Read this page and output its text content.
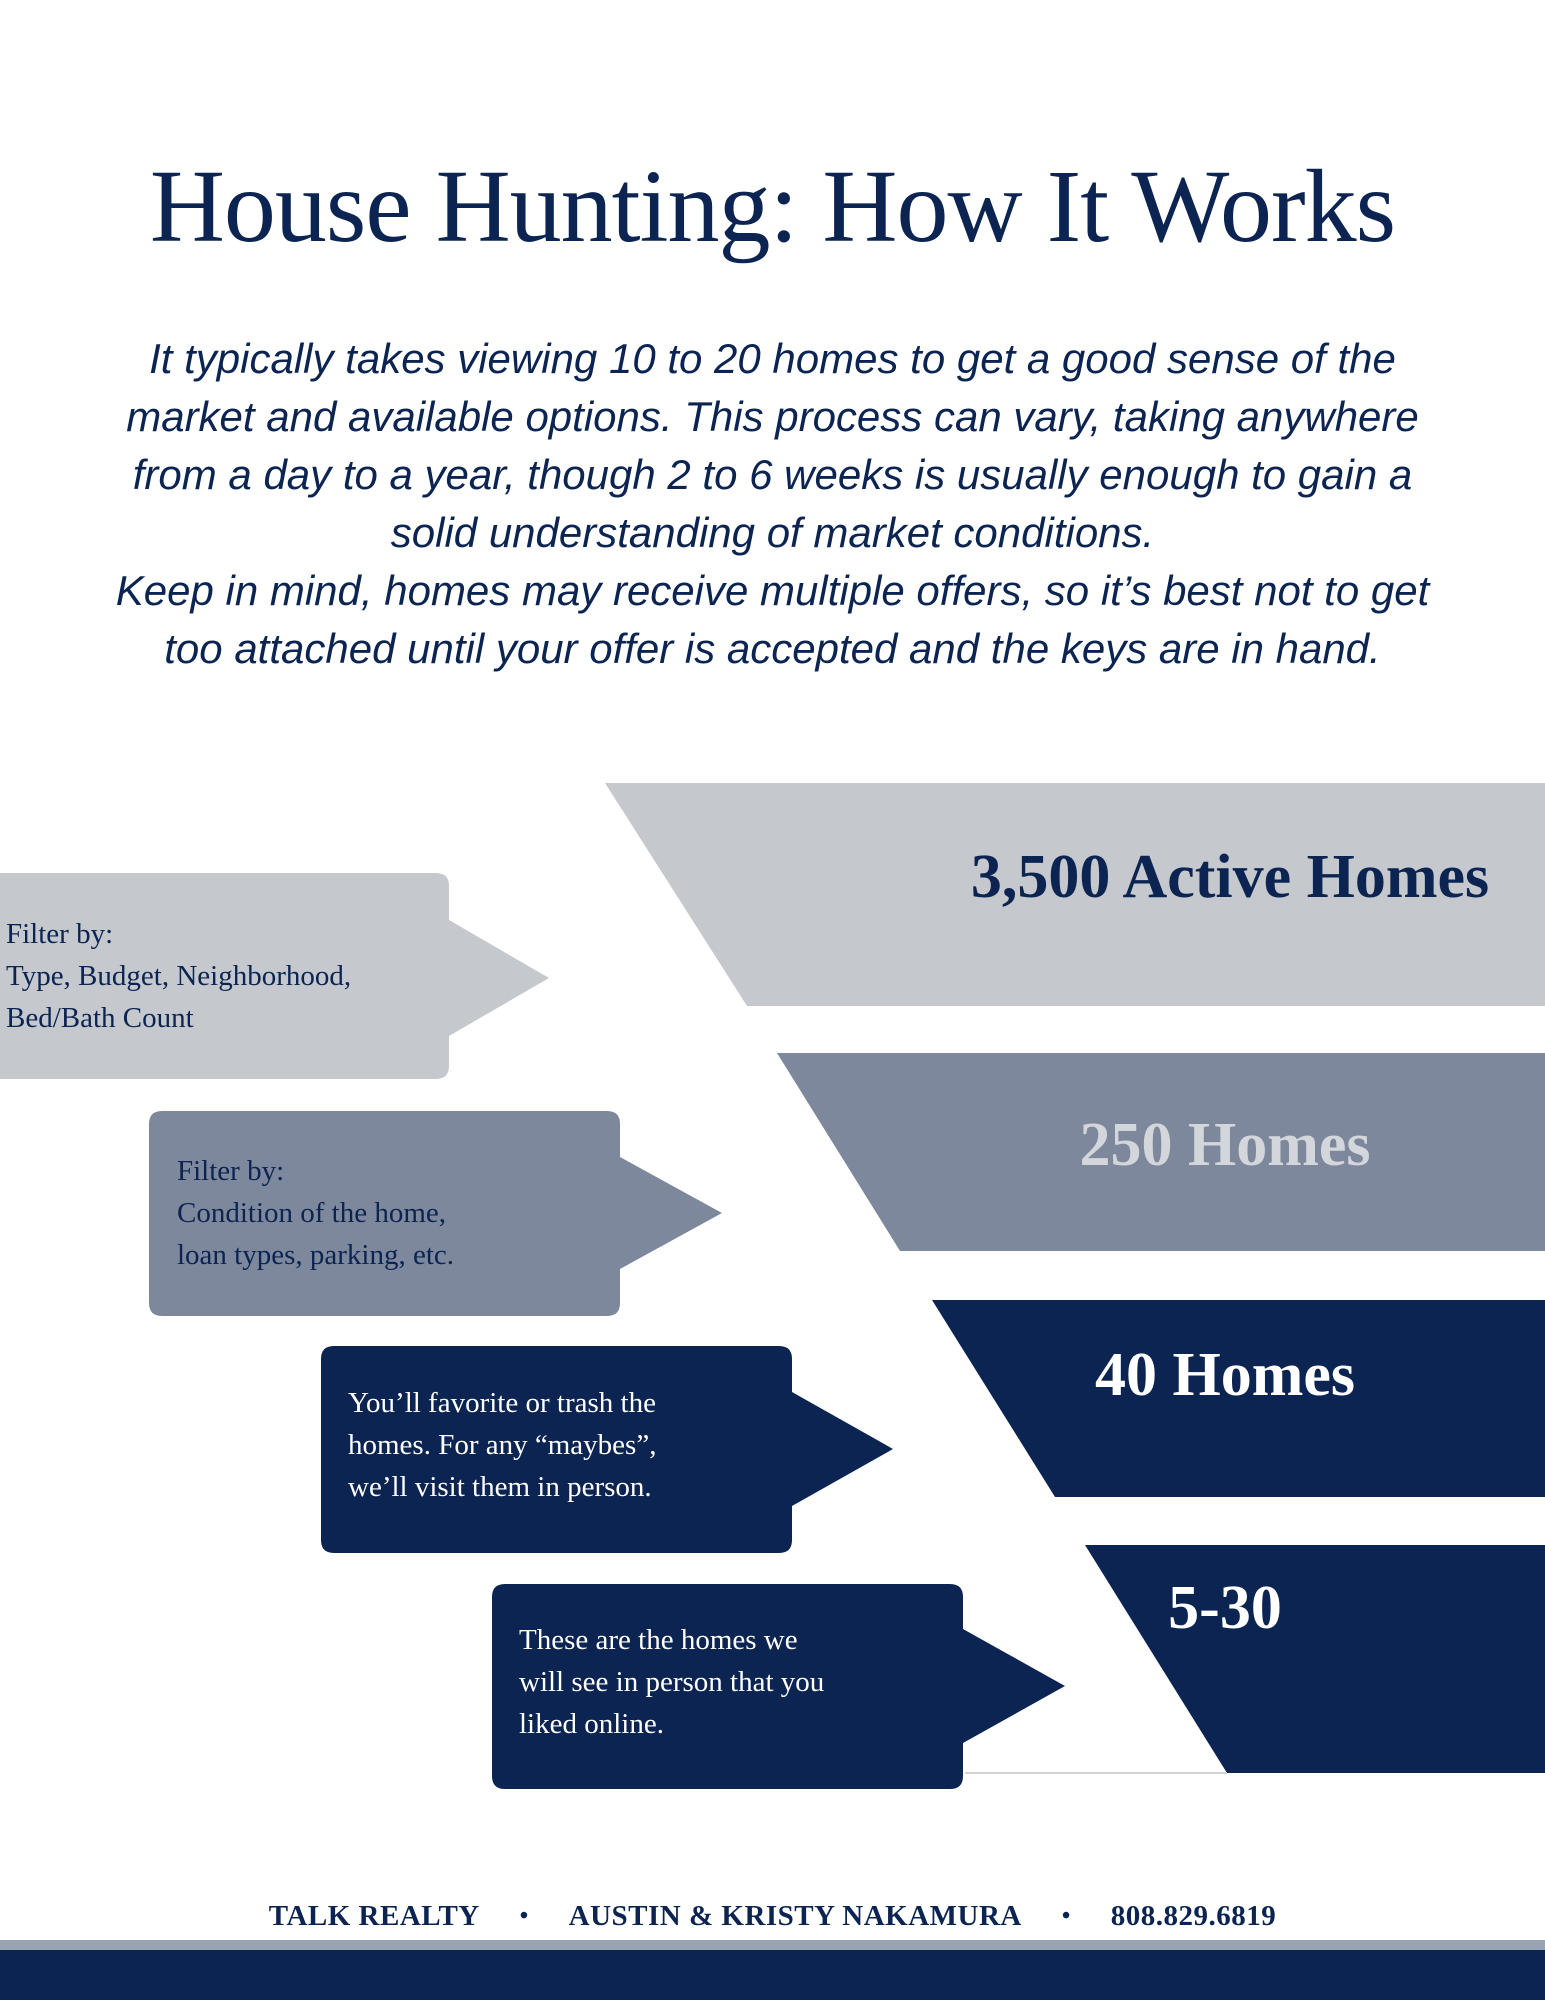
House Hunting: How It Works

It typically takes viewing 10 to 20 homes to get a good sense of the market and available options. This process can vary, taking anywhere from a day to a year, though 2 to 6 weeks is usually enough to gain a solid understanding of market conditions.

Keep in mind, homes may receive multiple offers, so it’s best not to get too attached until your offer is accepted and the keys are in hand.

3,500 Active Homes
250 Homes
40 Homes
5-30
Filter by:
Type, Budget, Neighborhood,
Bed/Bath Count
Filter by:
Condition of the home,
loan types, parking, etc.
You’ll favorite or trash the
homes. For any “maybes”,
we’ll visit them in person.
These are the homes we
will see in person that you
liked online.
TALK REALTY • AUSTIN & KRISTY NAKAMURA • 808.829.6819
